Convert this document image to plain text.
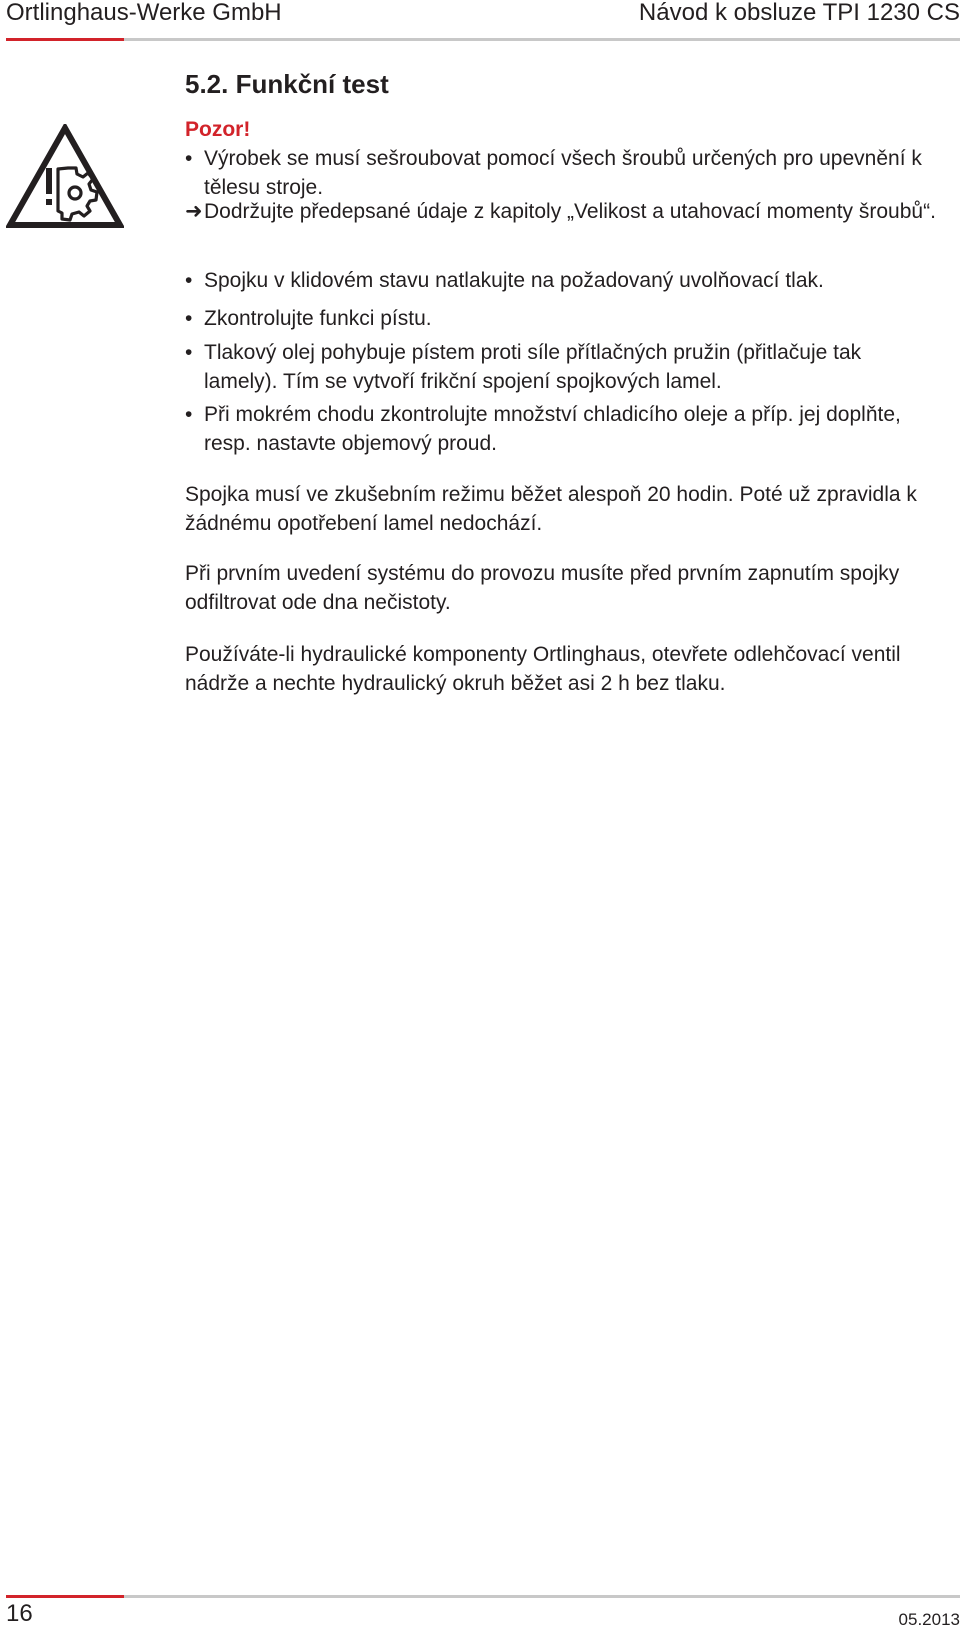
Ortlinghaus-Werke GmbH	Návod k obsluze TPI 1230 CS
5.2. Funkční test
Pozor!
• Výrobek se musí sešroubovat pomocí všech šroubů určených pro upevnění k tělesu stroje.
➜ Dodržujte předepsané údaje z kapitoly „Velikost a utahovací momenty šroubů“.
• Spojku v klidovém stavu natlakujte na požadovaný uvolňovací tlak.
• Zkontrolujte funkci pístu.
• Tlakový olej pohybuje pístem proti síle přítlačných pružin (přitlačuje tak lamely). Tím se vytvoří frikční spojení spojkových lamel.
• Při mokrém chodu zkontrolujte množství chladicího oleje a příp. jej doplňte, resp. nastavte objemový proud.
Spojka musí ve zkušebním režimu běžet alespoň 20 hodin. Poté už zpravidla k žádnému opotřebení lamel nedochází.
Při prvním uvedení systému do provozu musíte před prvním zapnutím spojky odfiltrovat ode dna nečistoty.
Používáte-li hydraulické komponenty Ortlinghaus, otevřete odlehčovací ventil nádrže a nechte hydraulický okruh běžet asi 2 h bez tlaku.
16	05.2013
